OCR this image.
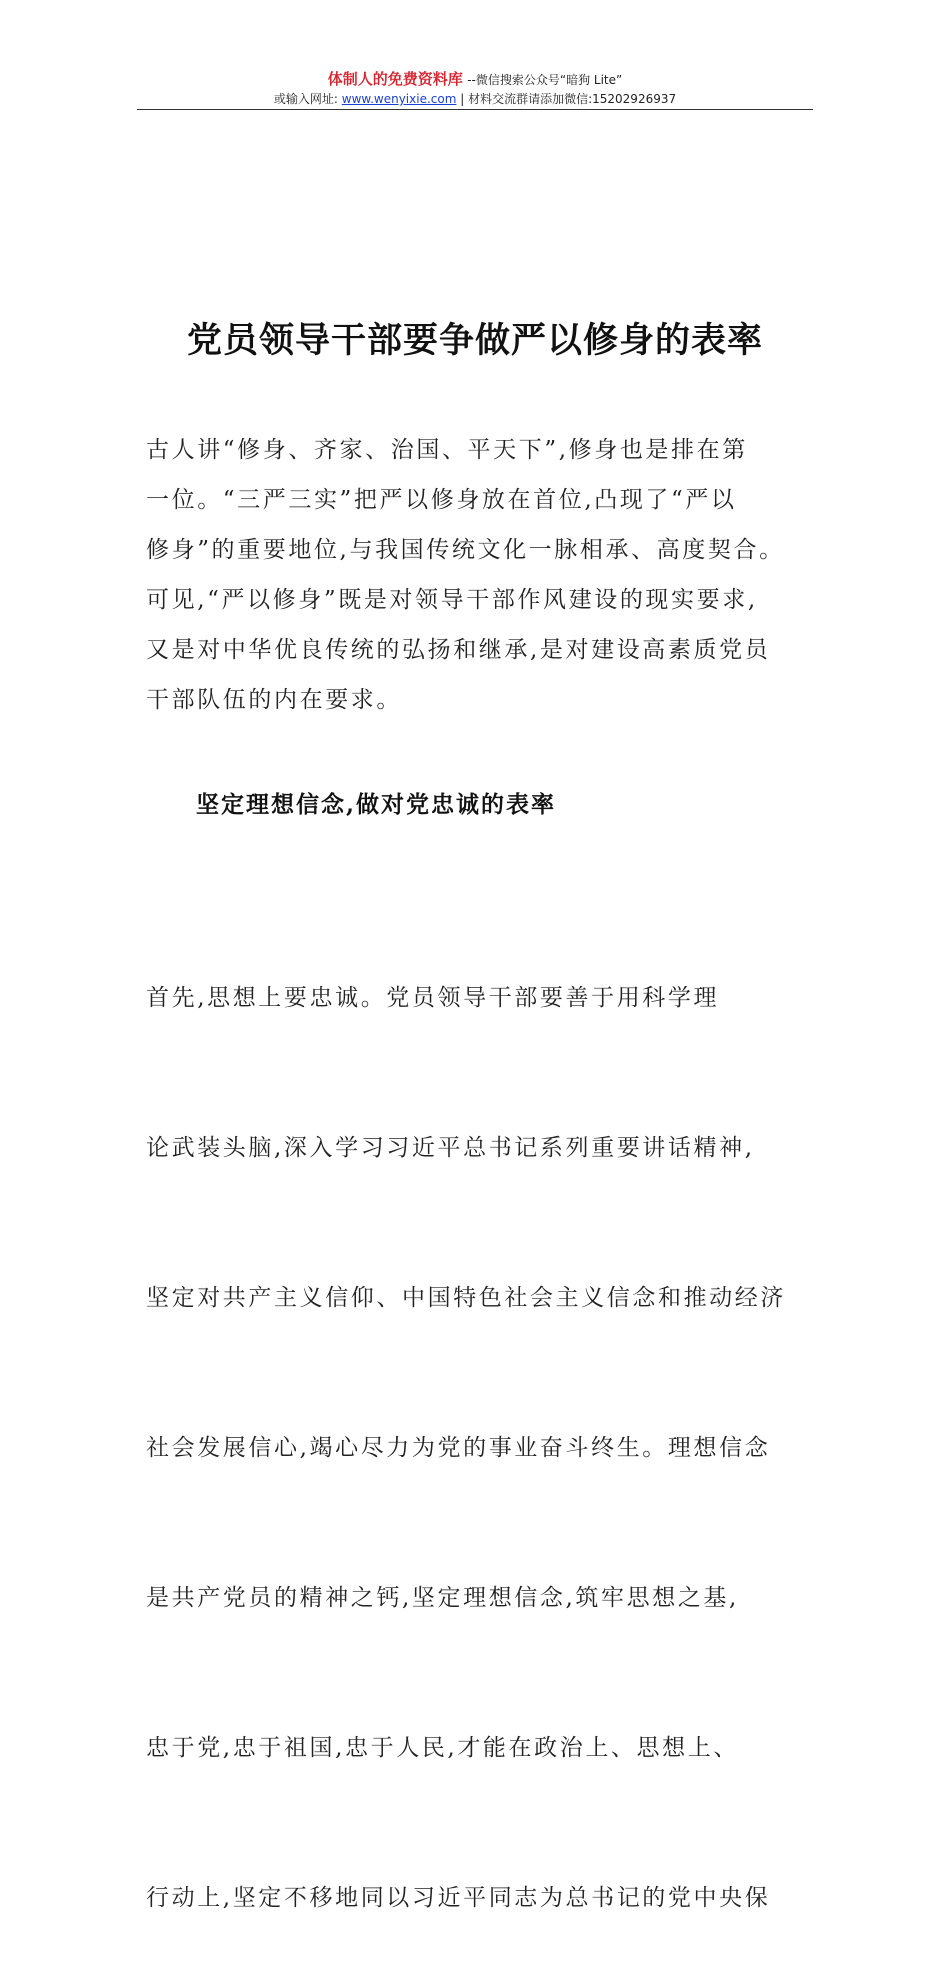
体制人的免费资料库 --微信搜索公众号“暗狗 Lite”
或输入网址: www.wenyixie.com | 材料交流群请添加微信:15202926937
党员领导干部要争做严以修身的表率
古人讲“修身、齐家、治国、平天下”,修身也是排在第
一位。“三严三实”把严以修身放在首位,凸现了“严以
修身”的重要地位,与我国传统文化一脉相承、高度契合。
可见,“严以修身”既是对领导干部作风建设的现实要求,
又是对中华优良传统的弘扬和继承,是对建设高素质党员
干部队伍的内在要求。
坚定理想信念,做对党忠诚的表率

首先,思想上要忠诚。党员领导干部要善于用科学理

论武装头脑,深入学习习近平总书记系列重要讲话精神,

坚定对共产主义信仰、中国特色社会主义信念和推动经济

社会发展信心,竭心尽力为党的事业奋斗终生。理想信念

是共产党员的精神之钙,坚定理想信念,筑牢思想之基,

忠于党,忠于祖国,忠于人民,才能在政治上、思想上、

行动上,坚定不移地同以习近平同志为总书记的党中央保
